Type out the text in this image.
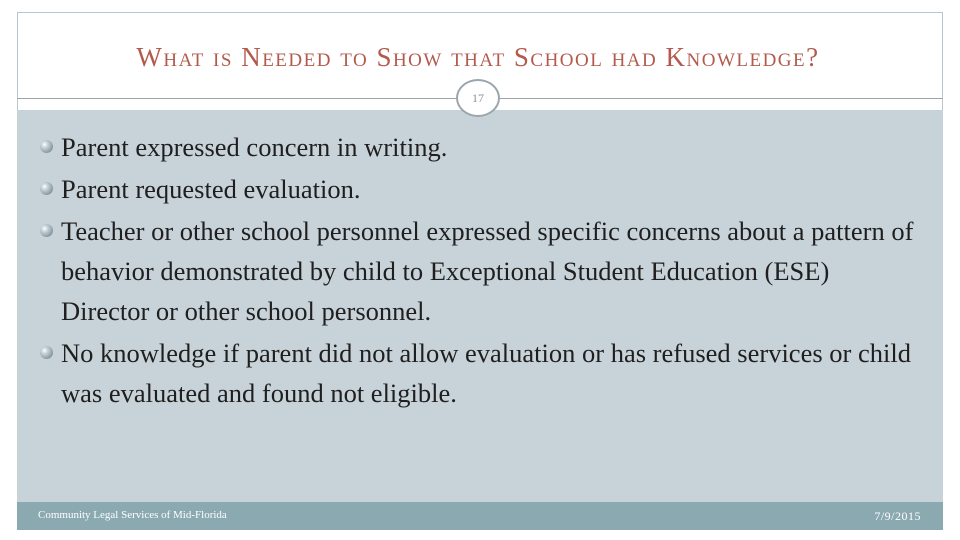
What is Needed to Show that School had Knowledge?
17
Parent expressed concern in writing.
Parent requested evaluation.
Teacher or other school personnel expressed specific concerns about a pattern of behavior demonstrated by child to Exceptional Student Education (ESE) Director or other school personnel.
No knowledge if parent did not allow evaluation or has refused services or child was evaluated and found not eligible.
Community Legal Services of Mid-Florida	7/9/2015
